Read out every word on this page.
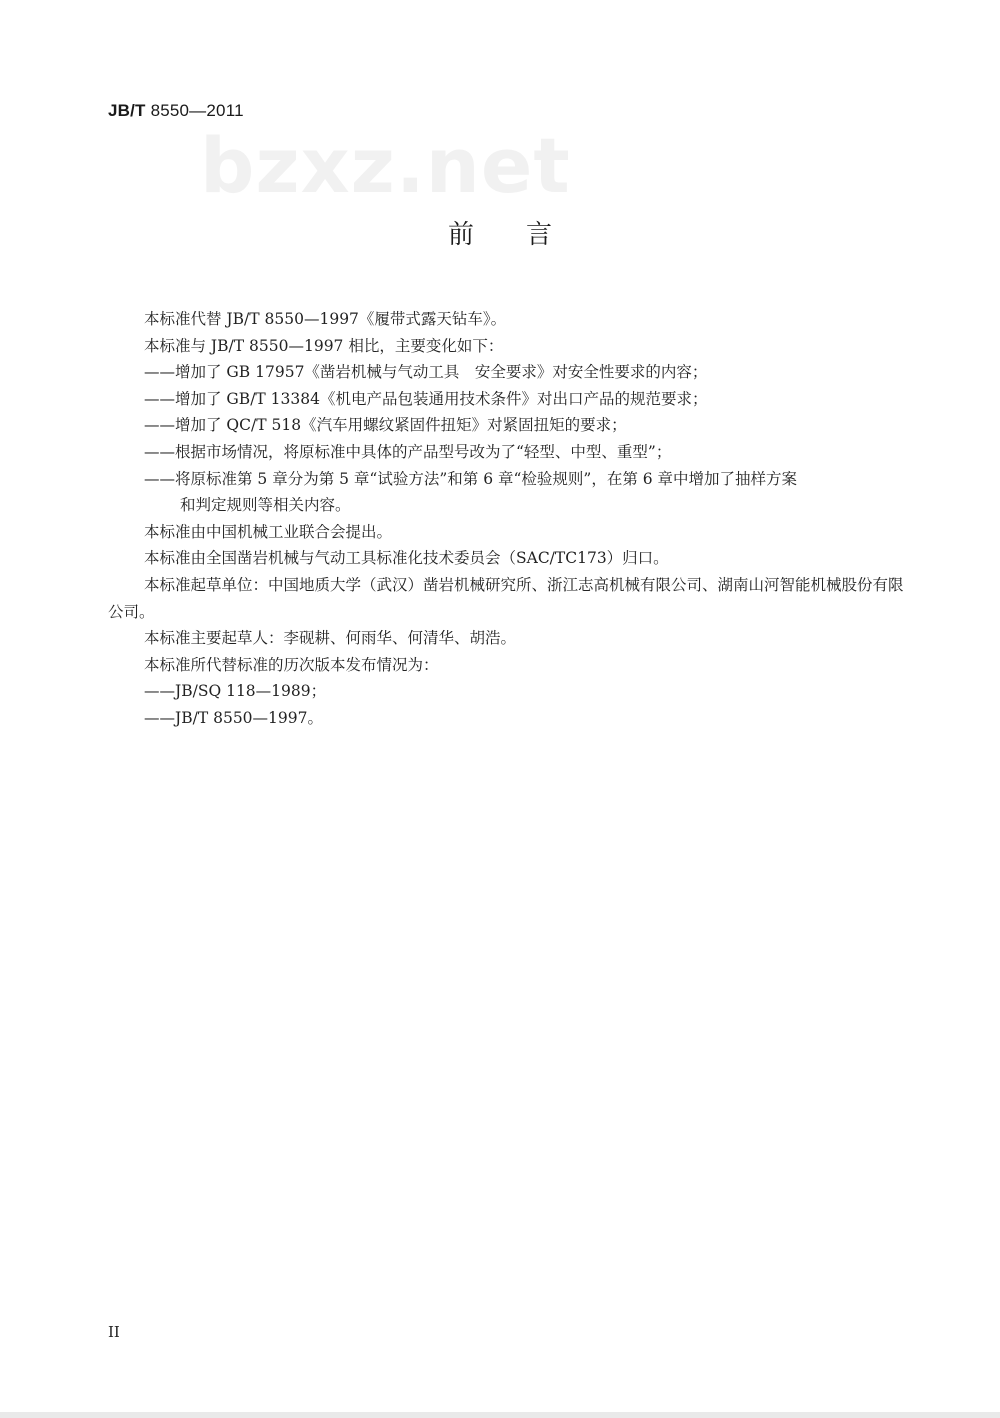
JB/T 8550—2011
bzxz.net
前 言

本标准代替 JB/T 8550—1997《履带式露天钻车》。

本标准与 JB/T 8550—1997 相比，主要变化如下：

——增加了 GB 17957《凿岩机械与气动工具　安全要求》对安全性要求的内容；

——增加了 GB/T 13384《机电产品包装通用技术条件》对出口产品的规范要求；

——增加了 QC/T 518《汽车用螺纹紧固件扭矩》对紧固扭矩的要求；

——根据市场情况，将原标准中具体的产品型号改为了“轻型、中型、重型”；

——将原标准第 5 章分为第 5 章“试验方法”和第 6 章“检验规则”，在第 6 章中增加了抽样方案

和判定规则等相关内容。

本标准由中国机械工业联合会提出。

本标准由全国凿岩机械与气动工具标准化技术委员会（SAC/TC173）归口。

本标准起草单位：中国地质大学（武汉）凿岩机械研究所、浙江志高机械有限公司、湖南山河智能机械股份有限公司。

本标准主要起草人：李砚耕、何雨华、何清华、胡浩。

本标准所代替标准的历次版本发布情况为：

——JB/SQ 118—1989；

——JB/T 8550—1997。

II
